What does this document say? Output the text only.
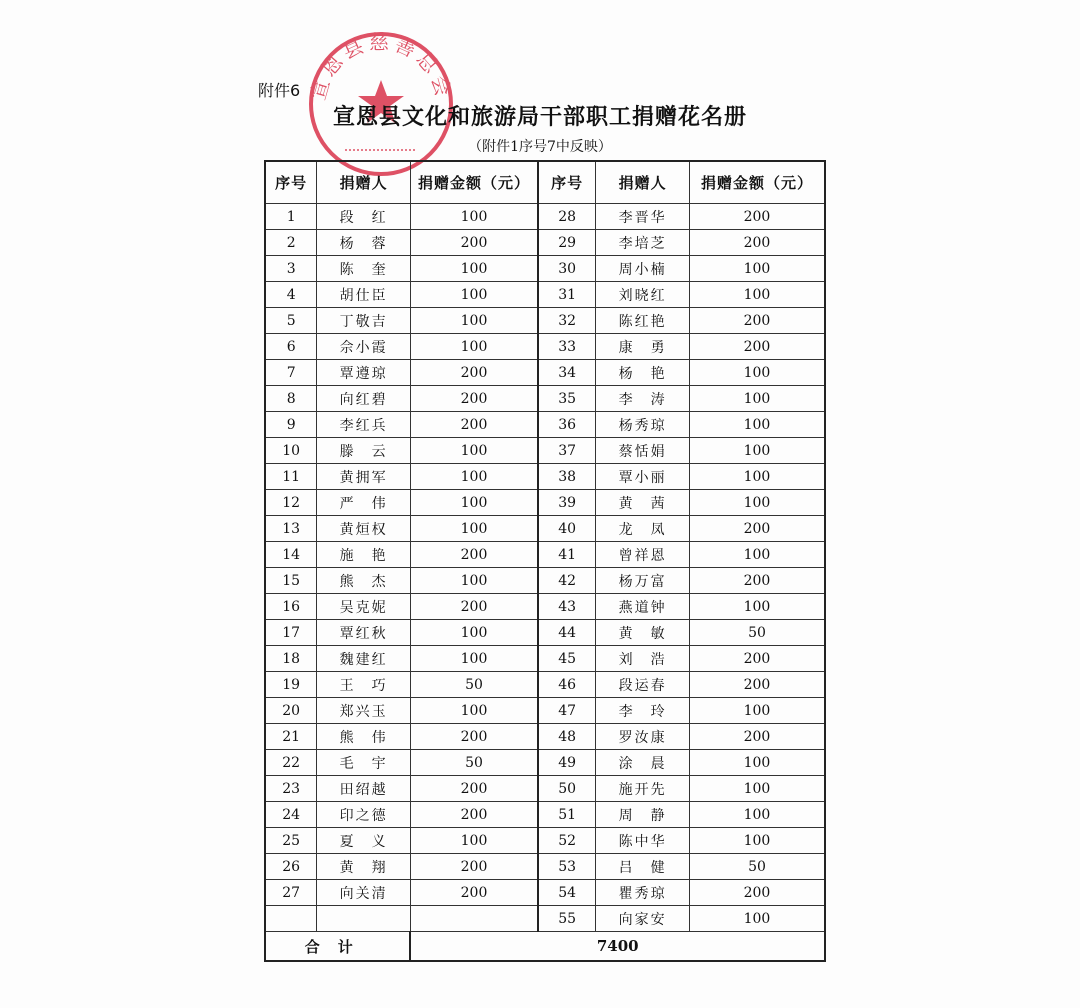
附件6 宣恩县慈善总会
宣恩县文化和旅游局干部职工捐赠花名册
（附件1序号7中反映）
序号	捐赠人	捐赠金额（元）	序号	捐赠人	捐赠金额（元）
1	段　红	100	28	李晋华	200
2	杨　蓉	200	29	李培芝	200
3	陈　奎	100	30	周小楠	100
4	胡仕臣	100	31	刘晓红	100
5	丁敬吉	100	32	陈红艳	200
6	佘小霞	100	33	康　勇	200
7	覃遵琼	200	34	杨　艳	100
8	向红碧	200	35	李　涛	100
9	李红兵	200	36	杨秀琼	100
10	滕　云	100	37	蔡恬娟	100
11	黄拥军	100	38	覃小丽	100
12	严　伟	100	39	黄　茜	100
13	黄烜权	100	40	龙　凤	200
14	施　艳	200	41	曾祥恩	100
15	熊　杰	100	42	杨万富	200
16	吴克妮	200	43	燕道钟	100
17	覃红秋	100	44	黄　敏	50
18	魏建红	100	45	刘　浩	200
19	王　巧	50	46	段运春	200
20	郑兴玉	100	47	李　玲	100
21	熊　伟	200	48	罗汝康	200
22	毛　宇	50	49	涂　晨	100
23	田绍越	200	50	施开先	100
24	印之德	200	51	周　静	100
25	夏　义	100	52	陈中华	100
26	黄　翔	200	53	吕　健	50
27	向关清	200	54	瞿秀琼	200
			55	向家安	100
合计		7400			
